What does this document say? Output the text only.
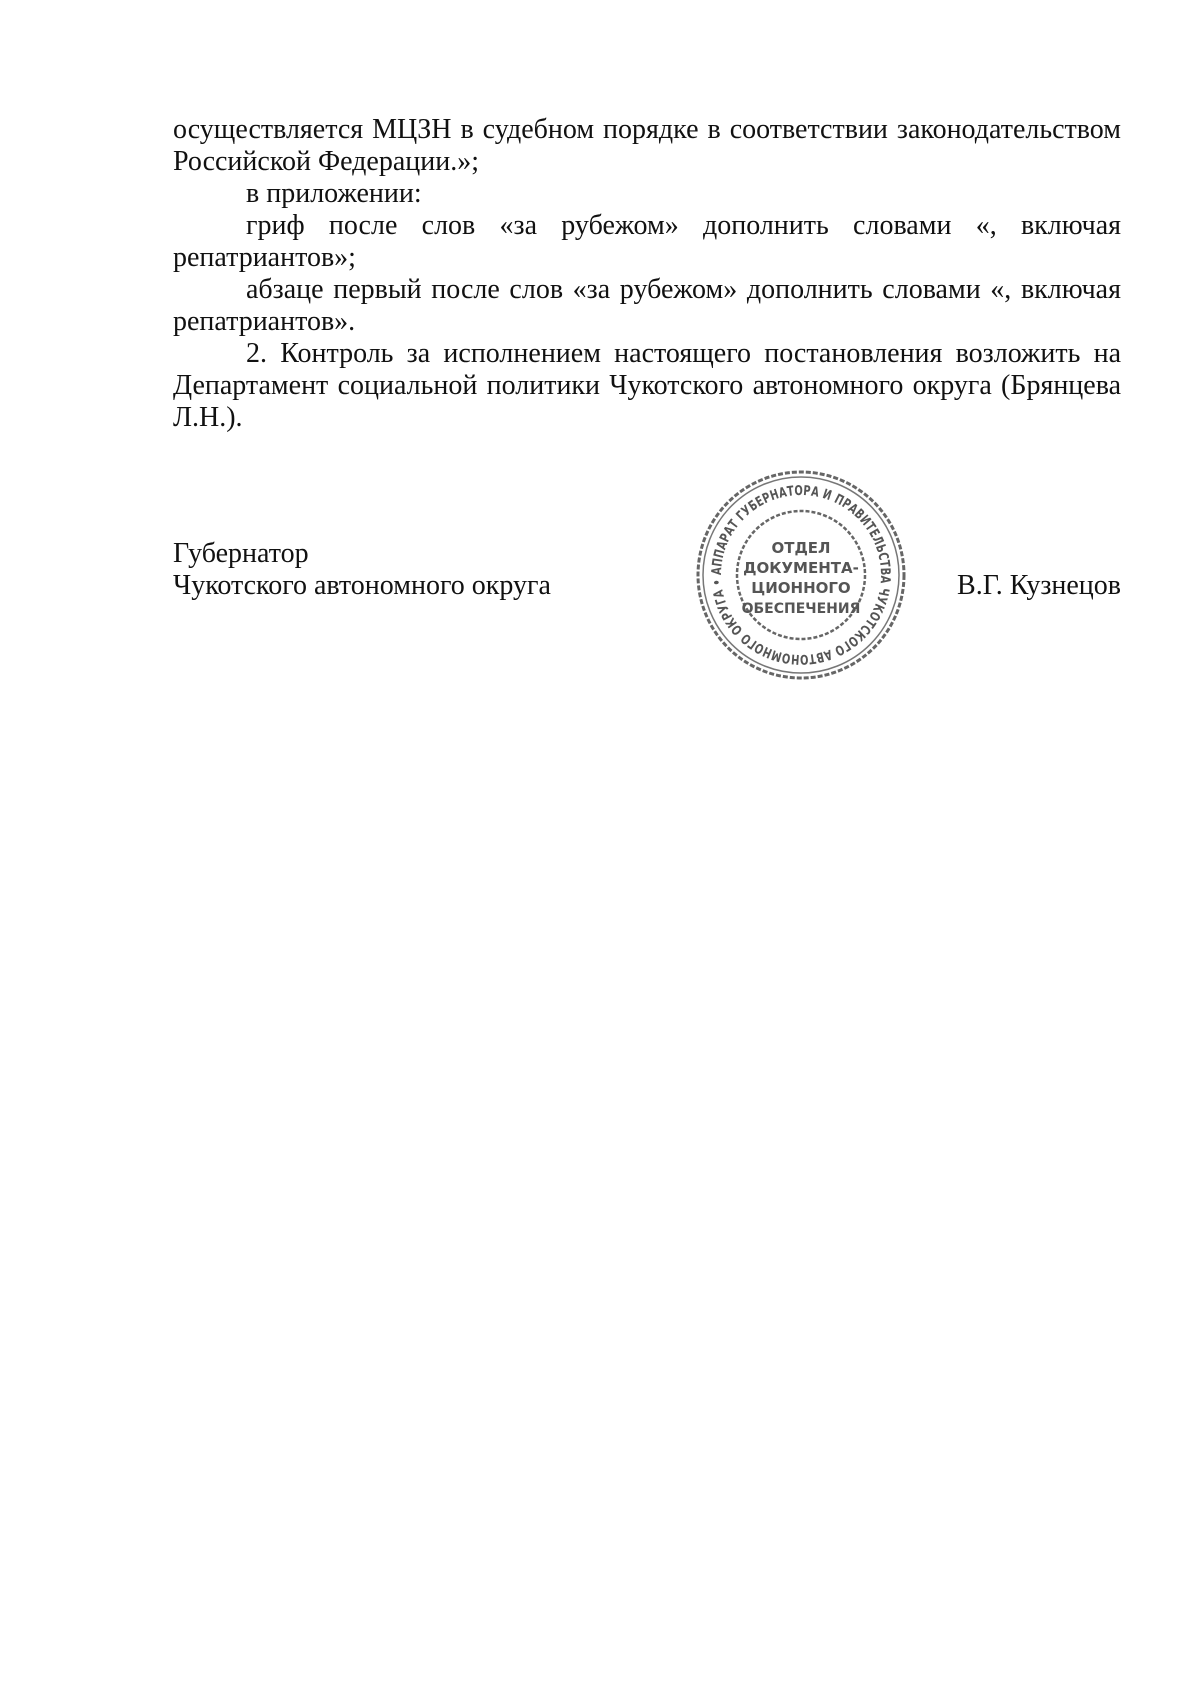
осуществляется МЦЗН в судебном порядке в соответствии законодательством Российской Федерации.»;

в приложении:

гриф после слов «за рубежом» дополнить словами «, включая репатриантов»;

абзаце первый после слов «за рубежом» дополнить словами «, включая репатриантов».

2. Контроль за исполнением настоящего постановления возложить на Департамент социальной политики Чукотского автономного округа (Брянцева Л.Н.).

АППАРАТ ГУБЕРНАТОРА И ПРАВИТЕЛЬСТВА ЧУКОТСКОГО АВТОНОМНОГО ОКРУГА •
ОТДЕЛ
ДОКУМЕНТА-
ЦИОННОГО
ОБЕСПЕЧЕНИЯ
Губернатор
Чукотского автономного округа	В.Г. Кузнецов
